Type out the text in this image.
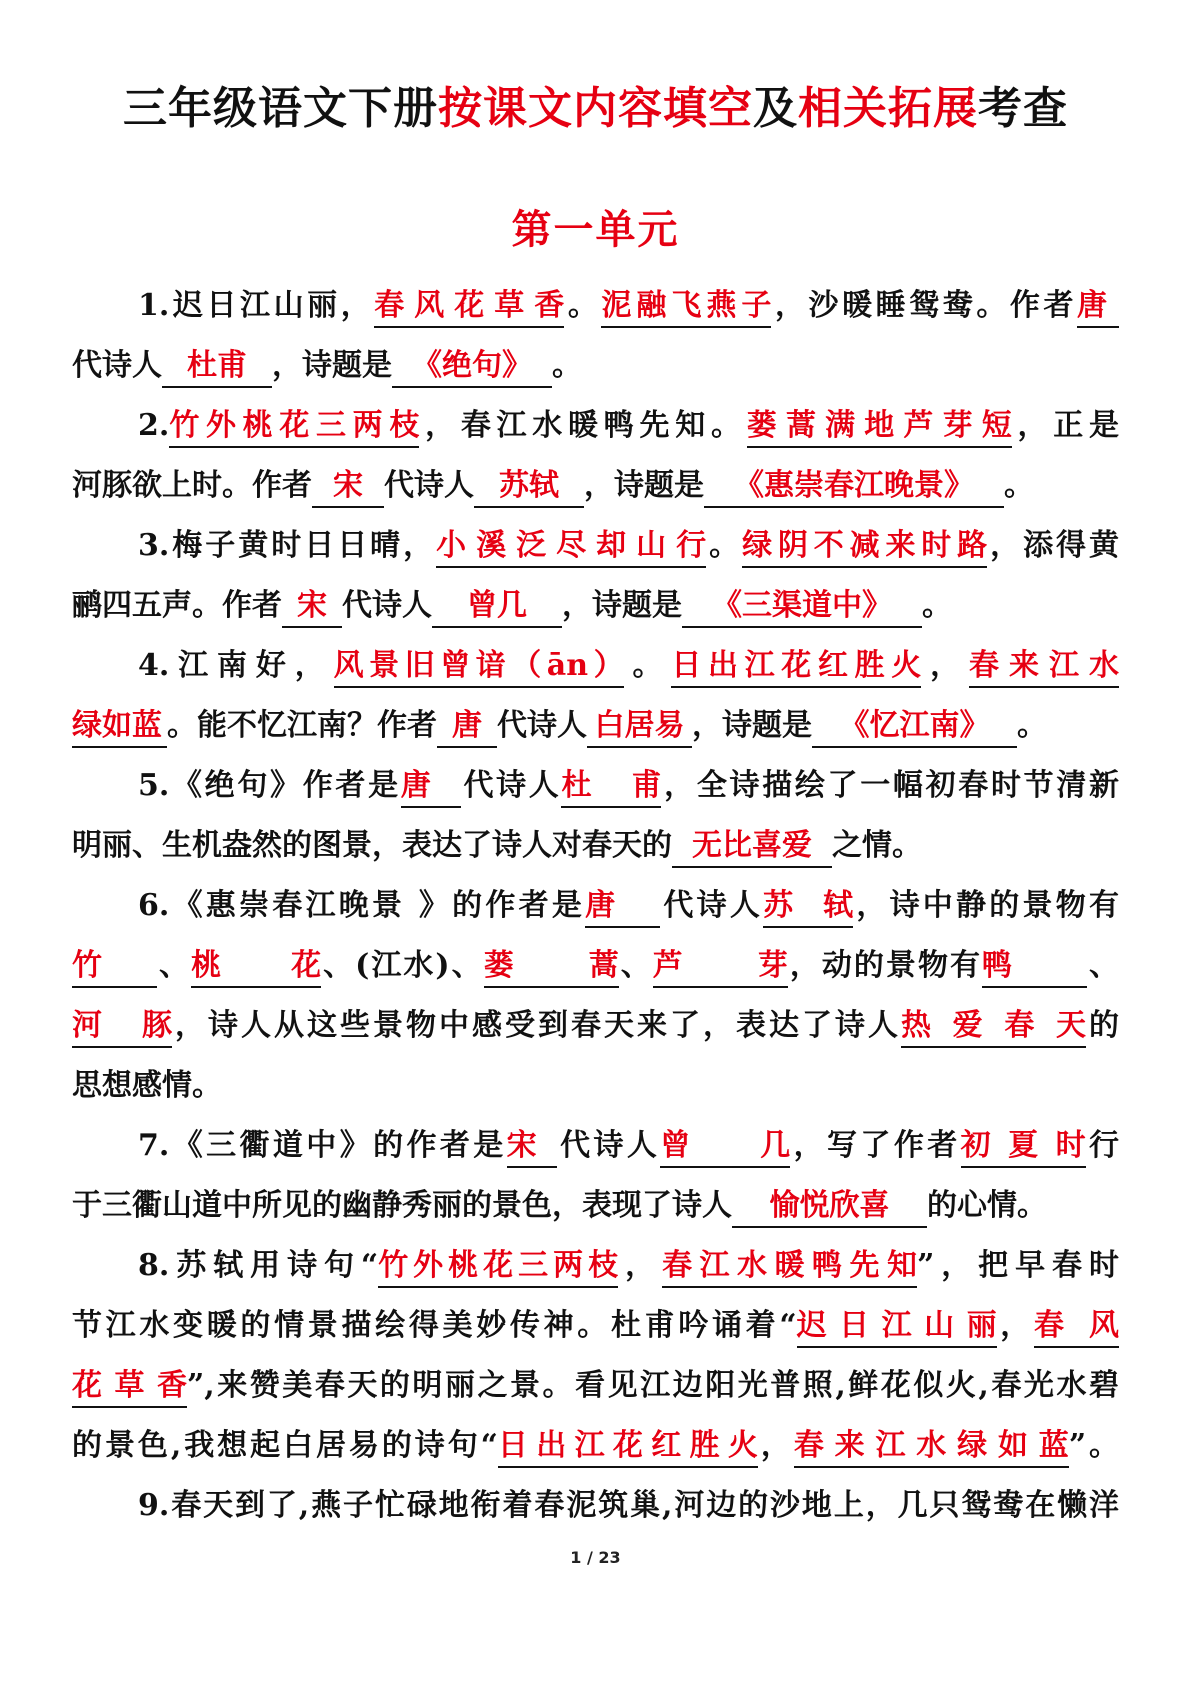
三年级语文下册按课文内容填空及相关拓展考查
第一单元
1.迟日江山丽，春风花草香。泥融飞燕子，沙暖睡鸳鸯。作者唐
代诗人 杜甫 ，诗题是 《绝句》 。
2.竹外桃花三两枝，春江水暖鸭先知。蒌蒿满地芦芽短，正是
河豚欲上时。作者 宋 代诗人 苏轼 ，诗题是 《惠崇春江晚景》 。
3.梅子黄时日日晴，小溪泛尽却山行。绿阴不减来时路，添得黄
鹂四五声。作者 宋 代诗人 曾几 ，诗题是 《三渠道中》 。
4.江南好，风景旧曾谙（ān）。日出江花红胜火，春来江水
绿如蓝 。能不忆江南？作者 唐 代诗人 白居易 ，诗题是 《忆江南》 。
5.《绝句》作者是唐 代诗人杜甫，全诗描绘了一幅初春时节清新
明丽、生机盎然的图景，表达了诗人对春天的 无比喜爱 之情。
6.《惠崇春江晚景 》的作者是唐 代诗人苏轼，诗中静的景物有
竹 、桃花、(江水)、蒌蒿、芦芽，动的景物有鸭	、
河豚，诗人从这些景物中感受到春天来了，表达了诗人热爱春天的
思想感情。
7.《三衢道中》的作者是宋 代诗人曾几，写了作者初夏时行
于三衢山道中所见的幽静秀丽的景色，表现了诗人 愉悦欣喜 的心情。
8.苏轼用诗句“竹外桃花三两枝，春江水暖鸭先知”，把早春时
节江水变暖的情景描绘得美妙传神。杜甫吟诵着“迟日江山丽，春风
花草香”,来赞美春天的明丽之景。看见江边阳光普照,鲜花似火,春光水碧
的景色,我想起白居易的诗句“日出江花红胜火，春来江水绿如蓝”。
9.春天到了,燕子忙碌地衔着春泥筑巢,河边的沙地上，几只鸳鸯在懒洋
1 / 23
